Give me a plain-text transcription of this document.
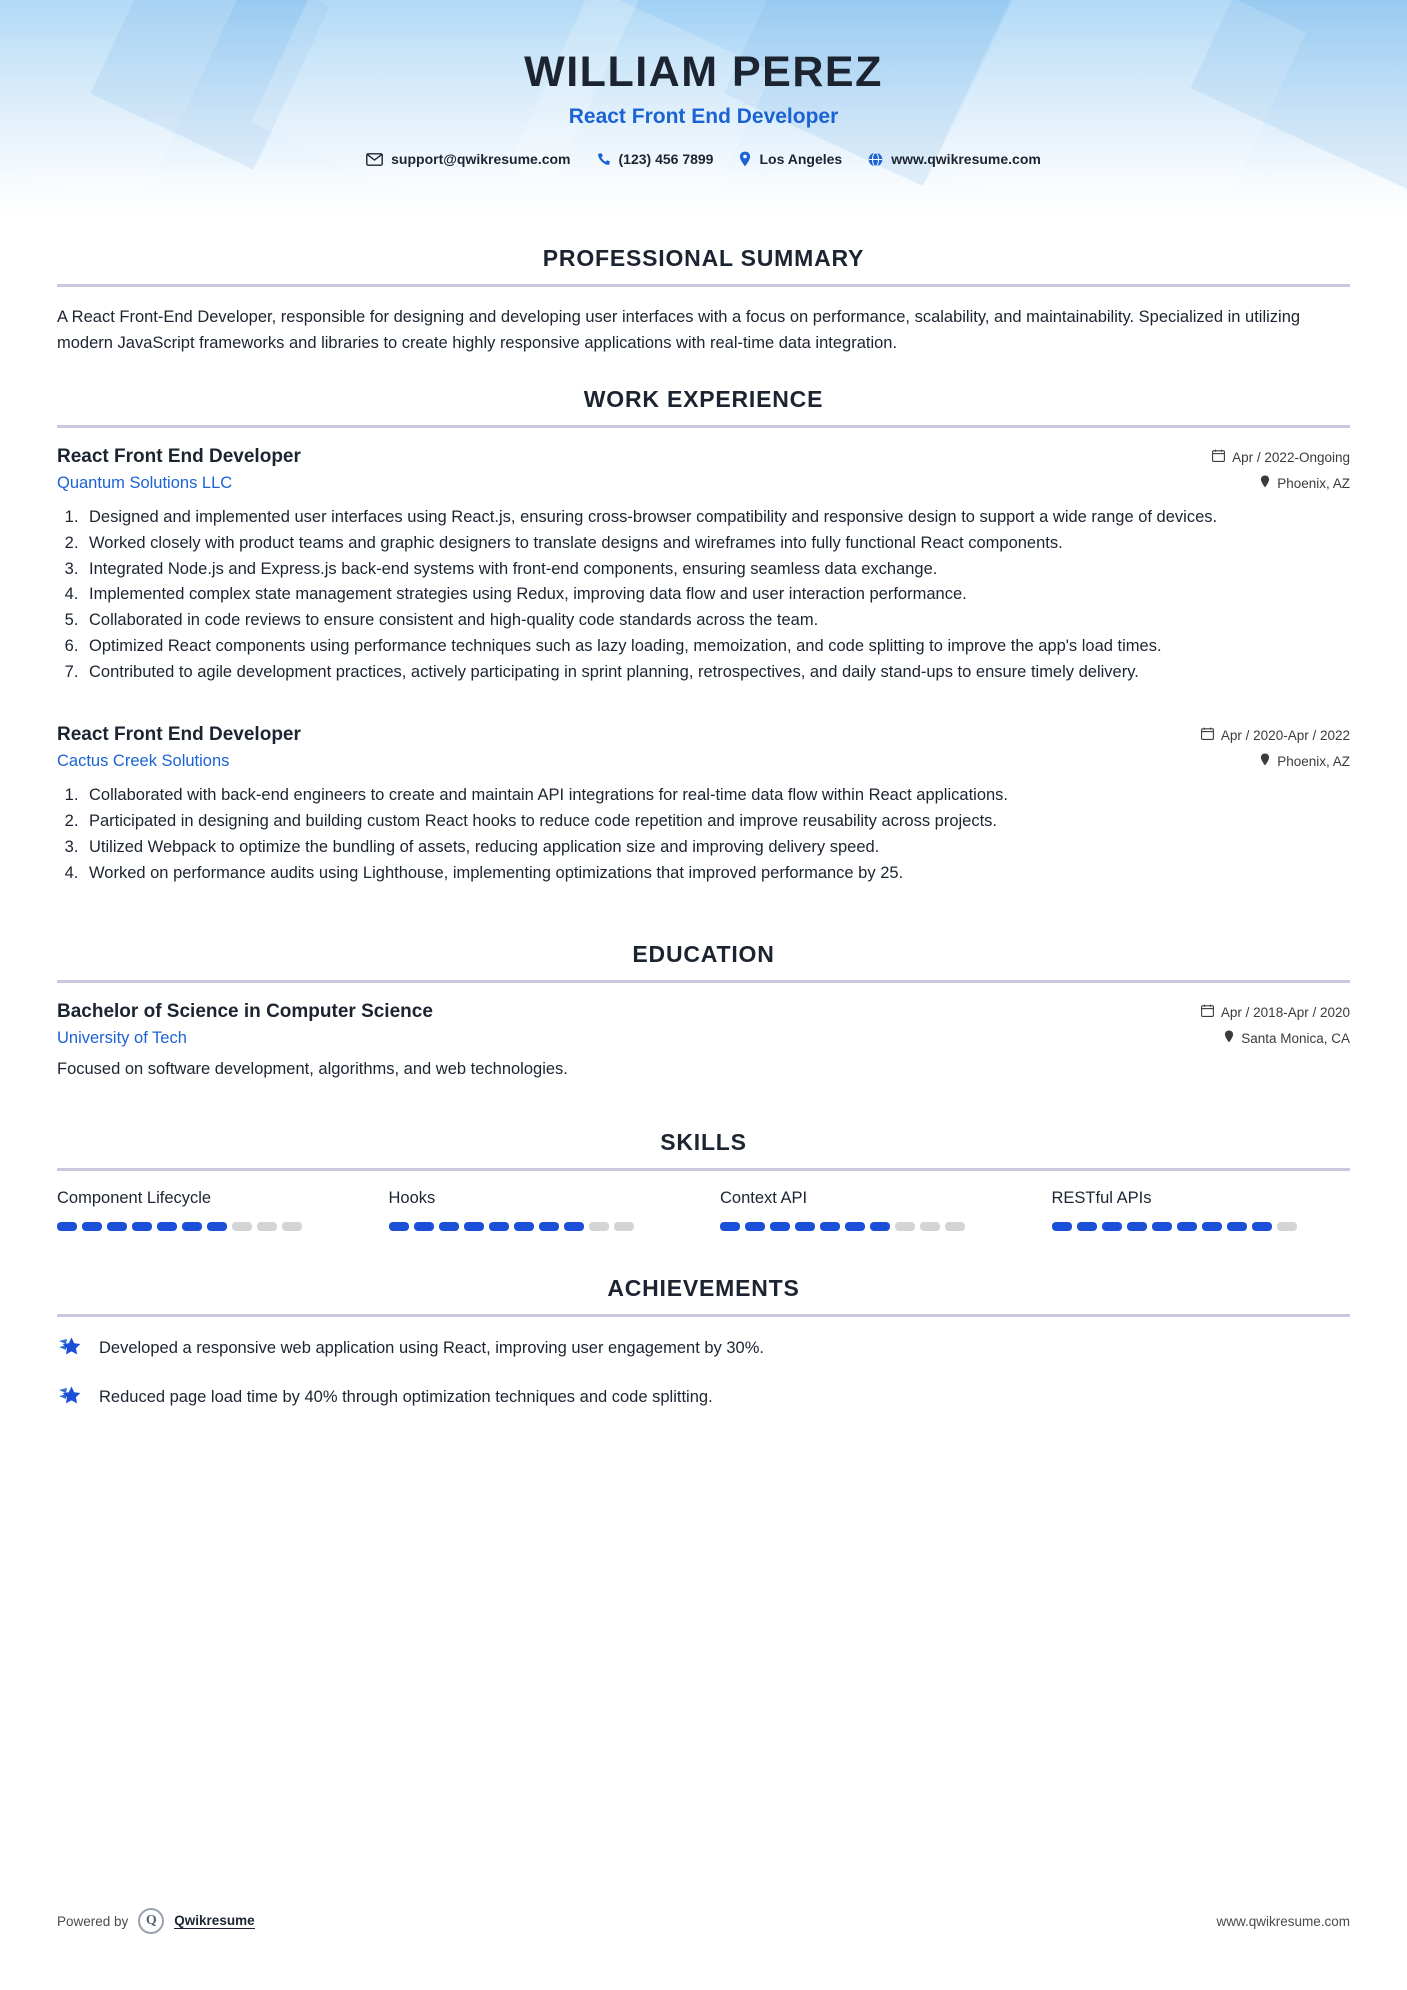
WILLIAM PEREZ
React Front End Developer
support@qwikresume.com	(123) 456 7899	Los Angeles	www.qwikresume.com
PROFESSIONAL SUMMARY

A React Front-End Developer, responsible for designing and developing user interfaces with a focus on performance, scalability, and maintainability. Specialized in utilizing modern JavaScript frameworks and libraries to create highly responsive applications with real-time data integration.

WORK EXPERIENCE
React Front End Developer	Apr / 2022-Ongoing
Quantum Solutions LLC	Phoenix, AZ
1. Designed and implemented user interfaces using React.js, ensuring cross-browser compatibility and responsive design to support a wide range of devices.
2. Worked closely with product teams and graphic designers to translate designs and wireframes into fully functional React components.
3. Integrated Node.js and Express.js back-end systems with front-end components, ensuring seamless data exchange.
4. Implemented complex state management strategies using Redux, improving data flow and user interaction performance.
5. Collaborated in code reviews to ensure consistent and high-quality code standards across the team.
6. Optimized React components using performance techniques such as lazy loading, memoization, and code splitting to improve the app's load times.
7. Contributed to agile development practices, actively participating in sprint planning, retrospectives, and daily stand-ups to ensure timely delivery.
React Front End Developer	Apr / 2020-Apr / 2022
Cactus Creek Solutions	Phoenix, AZ
1. Collaborated with back-end engineers to create and maintain API integrations for real-time data flow within React applications.
2. Participated in designing and building custom React hooks to reduce code repetition and improve reusability across projects.
3. Utilized Webpack to optimize the bundling of assets, reducing application size and improving delivery speed.
4. Worked on performance audits using Lighthouse, implementing optimizations that improved performance by 25.
EDUCATION
Bachelor of Science in Computer Science	Apr / 2018-Apr / 2020
University of Tech	Santa Monica, CA
Focused on software development, algorithms, and web technologies.
SKILLS
Component Lifecycle	Hooks	Context API	RESTful APIs
ACHIEVEMENTS
Developed a responsive web application using React, improving user engagement by 30%.
Reduced page load time by 40% through optimization techniques and code splitting.
Powered by	Q	Qwikresume	www.qwikresume.com
